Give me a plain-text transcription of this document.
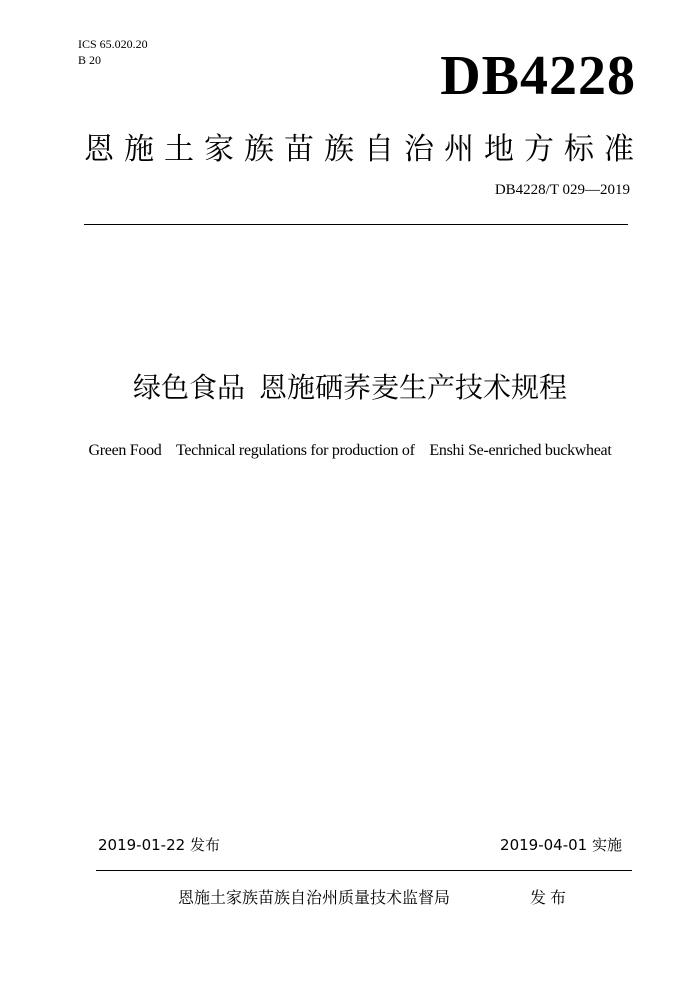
ICS 65.020.20
B 20	DB4228
恩施土家族苗族自治州地方标准
DB4228/T 029—2019
绿色食品 恩施硒荞麦生产技术规程
Green Food    Technical regulations for production of    Enshi Se-enriched buckwheat
2019-01-22 发布	2019-04-01 实施
恩施土家族苗族自治州质量技术监督局	发布
